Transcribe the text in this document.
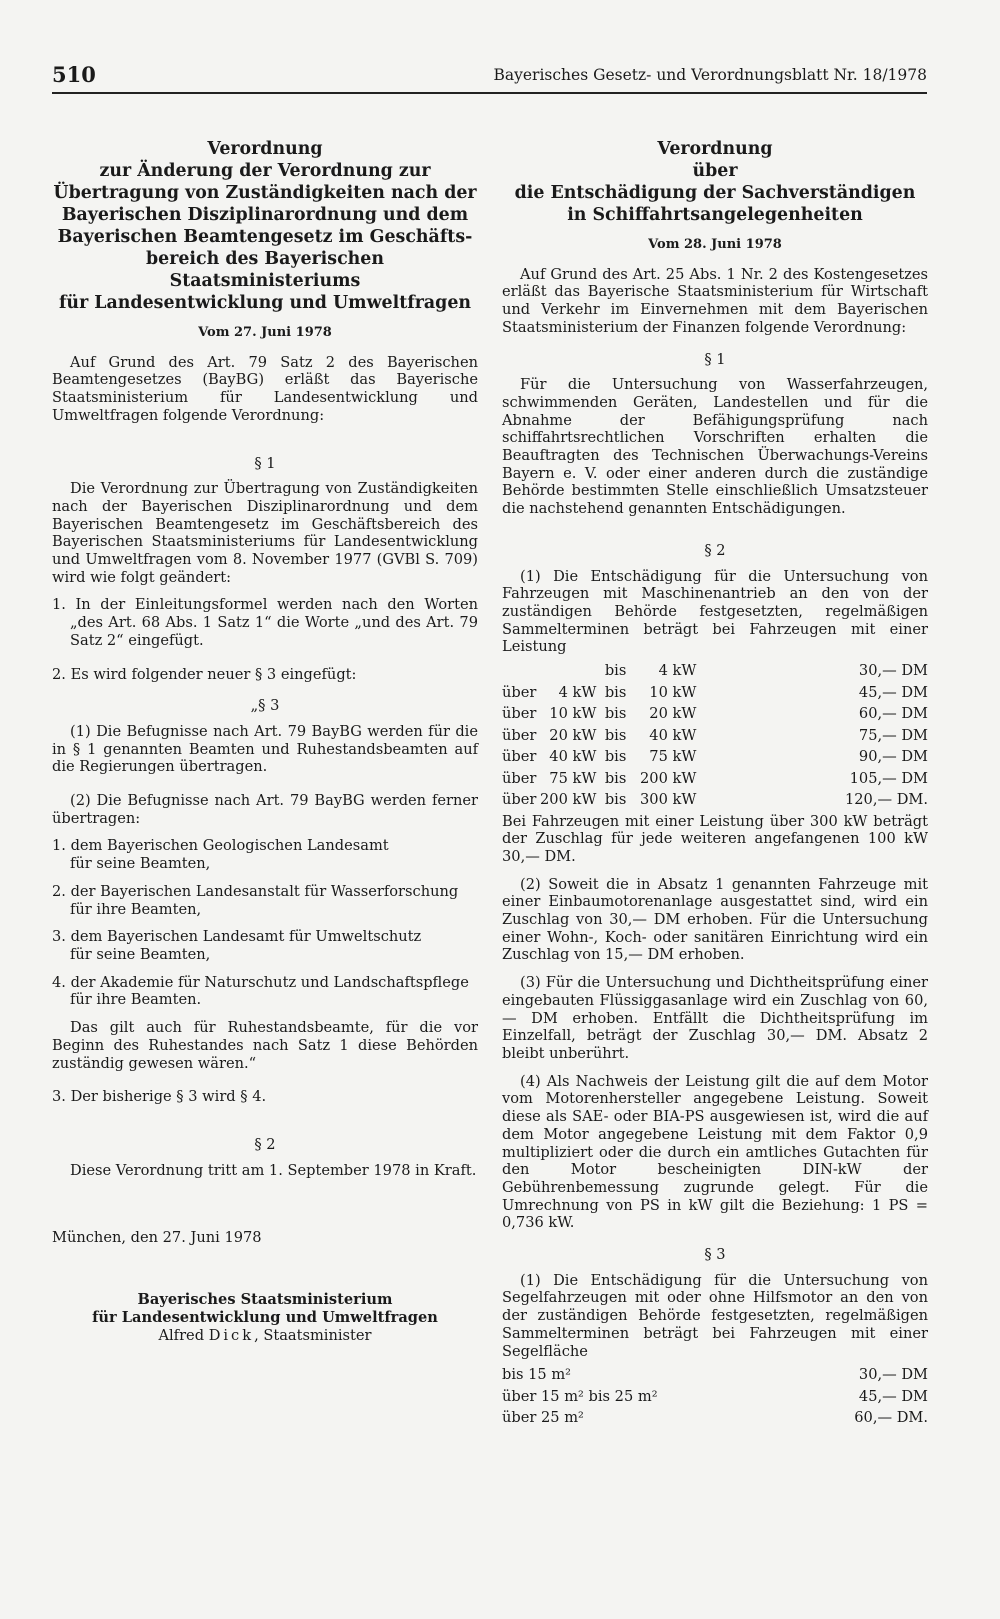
510	Bayerisches Gesetz- und Verordnungsblatt Nr. 18/1978

Verordnung

zur Änderung der Verordnung zur

Übertragung von Zuständigkeiten nach der

Bayerischen Disziplinarordnung und dem

Bayerischen Beamtengesetz im Geschäfts-

bereich des Bayerischen Staatsministeriums

für Landesentwicklung und Umweltfragen

Vom 27. Juni 1978

Auf Grund des Art. 79 Satz 2 des Bayerischen Beamtengesetzes (BayBG) erläßt das Bayerische Staatsministerium für Landesentwicklung und Umweltfragen folgende Verordnung:

§ 1

Die Verordnung zur Übertragung von Zuständigkeiten nach der Bayerischen Disziplinarordnung und dem Bayerischen Beamtengesetz im Geschäftsbereich des Bayerischen Staatsministeriums für Landesentwicklung und Umweltfragen vom 8. November 1977 (GVBl S. 709) wird wie folgt geändert:

1. In der Einleitungsformel werden nach den Worten „des Art. 68 Abs. 1 Satz 1“ die Worte „und des Art. 79 Satz 2“ eingefügt.

2. Es wird folgender neuer § 3 eingefügt:

„§ 3

(1) Die Befugnisse nach Art. 79 BayBG werden für die in § 1 genannten Beamten und Ruhestandsbeamten auf die Regierungen übertragen.

(2) Die Befugnisse nach Art. 79 BayBG werden ferner übertragen:

1. dem Bayerischen Geologischen Landesamt

für seine Beamten,

2. der Bayerischen Landesanstalt für Wasserforschung

für ihre Beamten,

3. dem Bayerischen Landesamt für Umweltschutz

für seine Beamten,

4. der Akademie für Naturschutz und Landschaftspflege

für ihre Beamten.

Das gilt auch für Ruhestandsbeamte, für die vor Beginn des Ruhestandes nach Satz 1 diese Behörden zuständig gewesen wären.“

3. Der bisherige § 3 wird § 4.

§ 2

Diese Verordnung tritt am 1. September 1978 in Kraft.

München, den 27. Juni 1978

Bayerisches Staatsministerium
für Landesentwicklung und Umweltfragen
Alfred Dick, Staatsminister

Verordnung

über

die Entschädigung der Sachverständigen

in Schiffahrtsangelegenheiten

Vom 28. Juni 1978

Auf Grund des Art. 25 Abs. 1 Nr. 2 des Kostengesetzes erläßt das Bayerische Staatsministerium für Wirtschaft und Verkehr im Einvernehmen mit dem Bayerischen Staatsministerium der Finanzen folgende Verordnung:

§ 1

Für die Untersuchung von Wasserfahrzeugen, schwimmenden Geräten, Landestellen und für die Abnahme der Befähigungsprüfung nach schiffahrtsrechtlichen Vorschriften erhalten die Beauftragten des Technischen Überwachungs-Vereins Bayern e. V. oder einer anderen durch die zuständige Behörde bestimmten Stelle einschließlich Umsatzsteuer die nachstehend genannten Entschädigungen.

§ 2

(1) Die Entschädigung für die Untersuchung von Fahrzeugen mit Maschinenantrieb an den von der zuständigen Behörde festgesetzten, regelmäßigen Sammelterminen beträgt bei Fahrzeugen mit einer Leistung

		bis	4 kW	30,— DM
über	4 kW	bis	10 kW	45,— DM
über	10 kW	bis	20 kW	60,— DM
über	20 kW	bis	40 kW	75,— DM
über	40 kW	bis	75 kW	90,— DM
über	75 kW	bis	200 kW	105,— DM
über	200 kW	bis	300 kW	120,— DM.

Bei Fahrzeugen mit einer Leistung über 300 kW beträgt der Zuschlag für jede weiteren angefangenen 100 kW 30,— DM.

(2) Soweit die in Absatz 1 genannten Fahrzeuge mit einer Einbaumotorenanlage ausgestattet sind, wird ein Zuschlag von 30,— DM erhoben. Für die Untersuchung einer Wohn-, Koch- oder sanitären Einrichtung wird ein Zuschlag von 15,— DM erhoben.

(3) Für die Untersuchung und Dichtheitsprüfung einer eingebauten Flüssiggasanlage wird ein Zuschlag von 60,— DM erhoben. Entfällt die Dichtheitsprüfung im Einzelfall, beträgt der Zuschlag 30,— DM. Absatz 2 bleibt unberührt.

(4) Als Nachweis der Leistung gilt die auf dem Motor vom Motorenhersteller angegebene Leistung. Soweit diese als SAE- oder BIA-PS ausgewiesen ist, wird die auf dem Motor angegebene Leistung mit dem Faktor 0,9 multipliziert oder die durch ein amtliches Gutachten für den Motor bescheinigten DIN-kW der Gebührenbemessung zugrunde gelegt. Für die Umrechnung von PS in kW gilt die Beziehung: 1 PS = 0,736 kW.

§ 3

(1) Die Entschädigung für die Untersuchung von Segelfahrzeugen mit oder ohne Hilfsmotor an den von der zuständigen Behörde festgesetzten, regelmäßigen Sammelterminen beträgt bei Fahrzeugen mit einer Segelfläche

bis 15 m²	30,— DM
über 15 m² bis 25 m²	45,— DM
über 25 m²	60,— DM.
